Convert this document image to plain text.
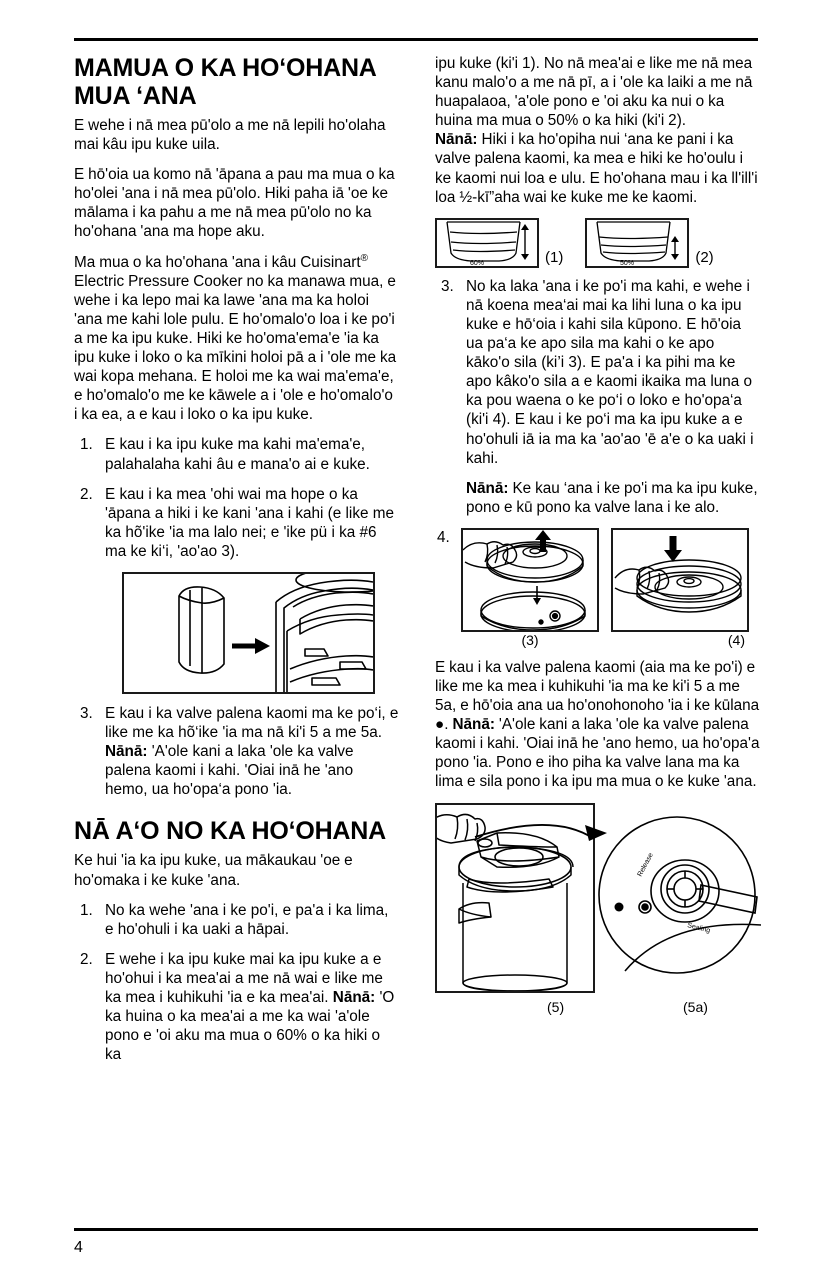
MAMUA O KA HO‘OHANA MUA ‘ANA

E wehe i nā mea pū'olo a me nā lepili ho'olaha mai kâu ipu kuke uila.

E hō'oia ua komo nā 'āpana a pau ma mua o ka ho'olei 'ana i nā mea pū'olo. Hiki paha iā 'oe ke mālama i ka pahu a me nā mea pū'olo no ka ho'ohana 'ana ma hope aku.

Ma mua o ka ho'ohana 'ana i kâu Cuisinart® Electric Pressure Cooker no ka manawa mua, e wehe i ka lepo mai ka lawe 'ana ma ka holoi 'ana me kahi lole pulu. E ho'omalo'o loa i ke po'i a me ka ipu kuke. Hiki ke ho'oma'ema'e 'ia ka ipu kuke i loko o ka mīkini holoi pā a i 'ole me ka wai kopa mehana. E holoi me ka wai ma'ema'e, e ho'omalo'o me ke kāwele a i 'ole e ho'omalo'o i ka ea, a e kau i loko o ka ipu kuke.

1. E kau i ka ipu kuke ma kahi ma'ema'e, palahalaha kahi âu e mana'o ai e kuke.
2. E kau i ka mea 'ohi wai ma hope o ka 'āpana a hiki i ke kani 'ana i kahi (e like me ka hõ'ike 'ia ma lalo nei; e 'ike pü i ka #6 ma ke ki‘i, 'ao'ao 3).
3. E kau i ka valve palena kaomi ma ke po‘i, e like me ka hõ‘ike 'ia ma nā ki'i 5 a me 5a.
Nānā: 'A'ole kani a laka 'ole ka valve palena kaomi i kahi. 'Oiai inā he 'ano hemo, ua ho'opa‘a pono 'ia.
NĀ A‘O NO KA HO‘OHANA

Ke hui 'ia ka ipu kuke, ua mākaukau 'oe e ho'omaka i ke kuke 'ana.

1. No ka wehe 'ana i ke po'i, e pa'a i ka lima, e ho'ohuli i ka uaki a hāpai.
2. E wehe i ka ipu kuke mai ka ipu kuke a e ho'ohui i ka mea'ai a me nā wai e like me ka mea i kuhikuhi 'ia e ka mea'ai. Nānā: 'O ka huina o ka mea'ai a me ka wai 'a'ole pono e 'oi aku ma mua o 60% o ka hiki o ka

ipu kuke (ki'i 1). No nā mea'ai e like me nā mea kanu malo'o a me nā pī, a i 'ole ka laiki a me nā huapalaoa, 'a'ole pono e 'oi aku ka nui o ka huina ma mua o 50% o ka hiki (ki'i 2).

Nānā: Hiki i ka ho'opiha nui ‘ana ke pani i ka valve palena kaomi, ka mea e hiki ke ho'oulu i ke kaomi nui loa e ulu. E ho'ohana mau i ka ll'ill'i loa ½-kī”aha wai ke kuke me ke kaomi.

60%	(1)	50%	(2)
3. No ka laka 'ana i ke po'i ma kahi, e wehe i nā koena mea‘ai mai ka lihi luna o ka ipu kuke e hō‘oia i kahi sila kūpono. E hō'oia ua pa‘a ke apo sila ma kahi o ke apo kāko'o sila (ki’i 3). E pa'a i ka pihi ma ke apo kâko'o sila a e kaomi ikaika ma luna o ka pou waena o ke po‘i o loko e ho'opa‘a (ki'i 4). E kau i ke po‘i ma ka ipu kuke a e ho'ohuli iā ia ma ka 'ao'ao 'ē a'e o ka uaki i kahi.

Nānā: Ke kau ‘ana i ke po'i ma ka ipu kuke, pono e kū pono ka valve lana i ke alo.

4.
(3)	(4)

E kau i ka valve palena kaomi (aia ma ke po'i) e like me ka mea i kuhikuhi 'ia ma ke ki'i 5 a me 5a, e hō'oia ana ua ho'onohonoho 'ia i ke kūlana ●. Nānā: 'A'ole kani a laka 'ole ka valve palena kaomi i kahi. 'Oiai inā he 'ano hemo, ua ho'opa'a pono 'ia. Pono e iho piha ka valve lana ma ka lima e sila pono i ka ipu ma mua o ke kuke 'ana.

Release
Sealing
(5)	(5a)
4
